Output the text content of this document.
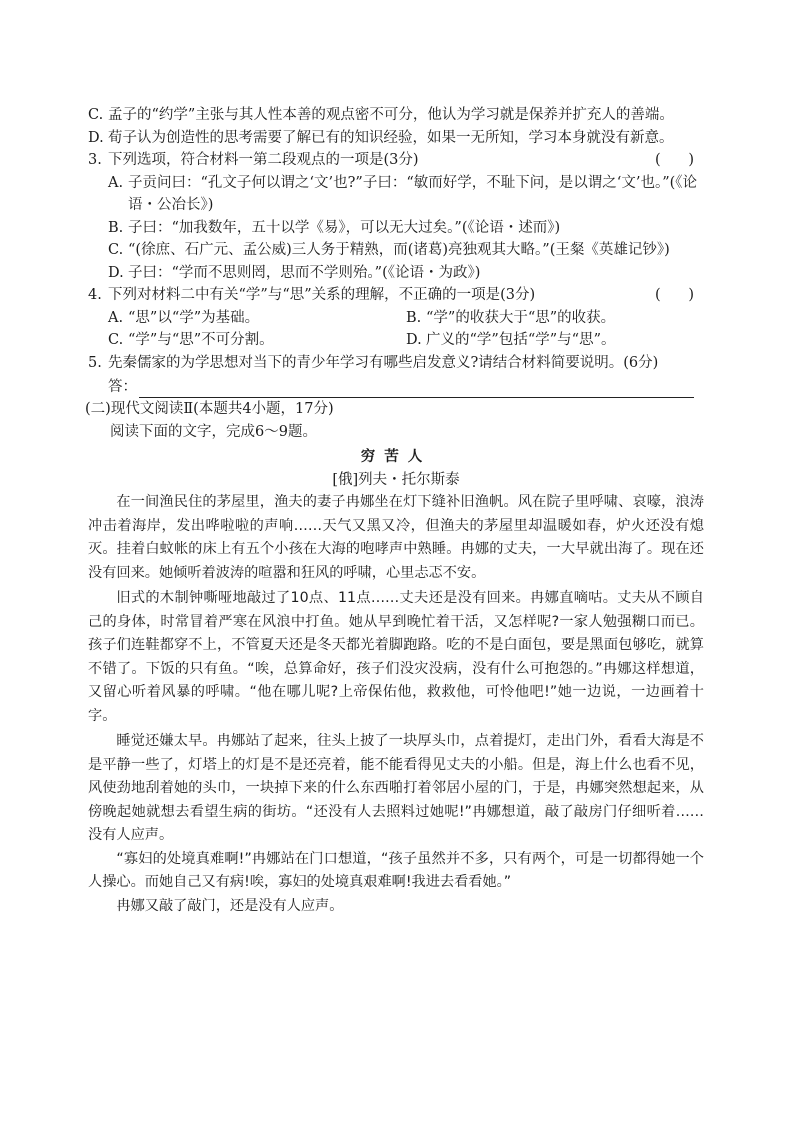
C. 孟子的“约学”主张与其人性本善的观点密不可分，他认为学习就是保养并扩充人的善端。
D. 荀子认为创造性的思考需要了解已有的知识经验，如果一无所知，学习本身就没有新意。
3. 下列选项，符合材料一第二段观点的一项是(3分)	(      )
A. 子贡问曰：“孔文子何以谓之‘文’也?”子曰：“敏而好学，不耻下问，是以谓之‘文’也。”(《论语・公冶长》)
B. 子曰：“加我数年，五十以学《易》，可以无大过矣。”(《论语・述而》)
C. “(徐庶、石广元、孟公威)三人务于精熟，而(诸葛)亮独观其大略。”(王粲《英雄记钞》)
D. 子曰：“学而不思则罔，思而不学则殆。”(《论语・为政》)
4. 下列对材料二中有关“学”与“思”关系的理解，不正确的一项是(3分)	(      )
A. “思”以“学”为基础。	B. “学”的收获大于“思”的收获。
C. “学”与“思”不可分割。	D. 广义的“学”包括“学”与“思”。
5. 先秦儒家的为学思想对当下的青少年学习有哪些启发意义?请结合材料简要说明。(6分)
答：
(二)现代文阅读Ⅱ(本题共4小题，17分)
阅读下面的文字，完成6～9题。
穷苦人
[俄]列夫・托尔斯泰

在一间渔民住的茅屋里，渔夫的妻子冉娜坐在灯下缝补旧渔帆。风在院子里呼啸、哀嚎，浪涛冲击着海岸，发出哗啦啦的声响……天气又黑又冷，但渔夫的茅屋里却温暖如春，炉火还没有熄灭。挂着白蚊帐的床上有五个小孩在大海的咆哮声中熟睡。冉娜的丈夫，一大早就出海了。现在还没有回来。她倾听着波涛的喧嚣和狂风的呼啸，心里忐忑不安。

旧式的木制钟嘶哑地敲过了10点、11点……丈夫还是没有回来。冉娜直嘀咕。丈夫从不顾自己的身体，时常冒着严寒在风浪中打鱼。她从早到晚忙着干活，又怎样呢?一家人勉强糊口而已。孩子们连鞋都穿不上，不管夏天还是冬天都光着脚跑路。吃的不是白面包，要是黑面包够吃，就算不错了。下饭的只有鱼。“唉，总算命好，孩子们没灾没病，没有什么可抱怨的。”冉娜这样想道，又留心听着风暴的呼啸。“他在哪儿呢?上帝保佑他，救救他，可怜他吧!”她一边说，一边画着十字。

睡觉还嫌太早。冉娜站了起来，往头上披了一块厚头巾，点着提灯，走出门外，看看大海是不是平静一些了，灯塔上的灯是不是还亮着，能不能看得见丈夫的小船。但是，海上什么也看不见，风使劲地刮着她的头巾，一块掉下来的什么东西啪打着邻居小屋的门，于是，冉娜突然想起来，从傍晚起她就想去看望生病的街坊。“还没有人去照料过她呢!”冉娜想道，敲了敲房门仔细听着……没有人应声。

“寡妇的处境真难啊!”冉娜站在门口想道，“孩子虽然并不多，只有两个，可是一切都得她一个人操心。而她自己又有病!唉，寡妇的处境真艰难啊!我进去看看她。”

冉娜又敲了敲门，还是没有人应声。
